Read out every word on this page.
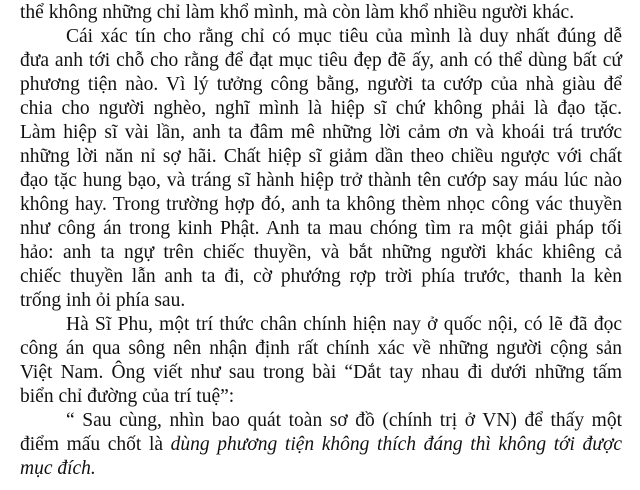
thể không những chỉ làm khổ mình, mà còn làm khổ nhiều người khác.
Cái xác tín cho rằng chỉ có mục tiêu của mình là duy nhất đúng dễ
đưa anh tới chỗ cho rằng để đạt mục tiêu đẹp đẽ ấy, anh có thể dùng bất cứ
phương tiện nào. Vì lý tưởng công bằng, người ta cướp của nhà giàu để
chia cho người nghèo, nghĩ mình là hiệp sĩ chứ không phải là đạo tặc.
Làm hiệp sĩ vài lần, anh ta đâm mê những lời cảm ơn và khoái trá trước
những lời năn nỉ sợ hãi. Chất hiệp sĩ giảm dần theo chiều ngược với chất
đạo tặc hung bạo, và tráng sĩ hành hiệp trở thành tên cướp say máu lúc nào
không hay. Trong trường hợp đó, anh ta không thèm nhọc công vác thuyền
như công án trong kinh Phật. Anh ta mau chóng tìm ra một giải pháp tối
hảo: anh ta ngự trên chiếc thuyền, và bắt những người khác khiêng cả
chiếc thuyền lẫn anh ta đi, cờ phướng rợp trời phía trước, thanh la kèn
trống inh ỏi phía sau.
Hà Sĩ Phu, một trí thức chân chính hiện nay ở quốc nội, có lẽ đã đọc
công án qua sông nên nhận định rất chính xác về những người cộng sản
Việt Nam. Ông viết như sau trong bài “Dắt tay nhau đi dưới những tấm
biển chỉ đường của trí tuệ”:
“ Sau cùng, nhìn bao quát toàn sơ đồ (chính trị ở VN) để thấy một
điểm mấu chốt là dùng phương tiện không thích đáng thì không tới được
mục đích.
